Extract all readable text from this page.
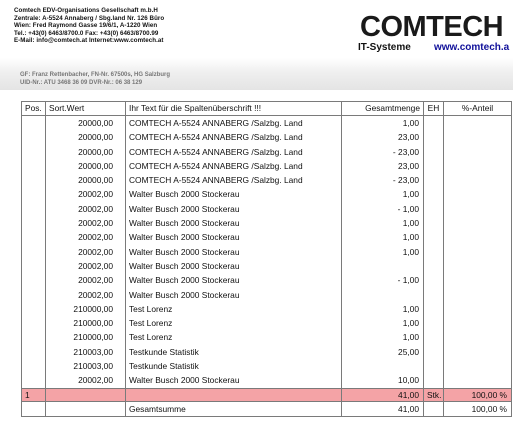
Comtech EDV-Organisations Gesellschaft m.b.H
Zentrale: A-5524 Annaberg / Sbg.land Nr. 126 Büro
Wien: Fred Raymond Gasse 19/6/1, A-1220 Wien
Tel.: +43(0) 6463/8700.0 Fax: +43(0) 6463/8700.99
E-Mail: info@comtech.at Internet:www.comtech.at	COMTECH
IT-Systeme www.comtech.a
GF: Franz Rettenbacher, FN-Nr. 67500s, HG Salzburg
UID-Nr.: ATU 3468 36 09 DVR-Nr.: 06 38 129
Pos.	Sort.Wert	Ihr Text für die Spaltenüberschrift !!!	Gesamtmenge	EH	%-Anteil
	20000,00	COMTECH A-5524 ANNABERG /Salzbg. Land	1,00		
	20000,00	COMTECH A-5524 ANNABERG /Salzbg. Land	23,00		
	20000,00	COMTECH A-5524 ANNABERG /Salzbg. Land	- 23,00		
	20000,00	COMTECH A-5524 ANNABERG /Salzbg. Land	23,00		
	20000,00	COMTECH A-5524 ANNABERG /Salzbg. Land	- 23,00		
	20002,00	Walter Busch 2000 Stockerau	1,00		
	20002,00	Walter Busch 2000 Stockerau	- 1,00		
	20002,00	Walter Busch 2000 Stockerau	1,00		
	20002,00	Walter Busch 2000 Stockerau	1,00		
	20002,00	Walter Busch 2000 Stockerau	1,00		
	20002,00	Walter Busch 2000 Stockerau			
	20002,00	Walter Busch 2000 Stockerau	- 1,00		
	20002,00	Walter Busch 2000 Stockerau			
	210000,00	Test Lorenz	1,00		
	210000,00	Test Lorenz	1,00		
	210000,00	Test Lorenz	1,00		
	210003,00	Testkunde Statistik	25,00		
	210003,00	Testkunde Statistik			
	20002,00	Walter Busch 2000 Stockerau	10,00		
1			41,00	Stk.	100,00 %
		Gesamtsumme	41,00		100,00 %
